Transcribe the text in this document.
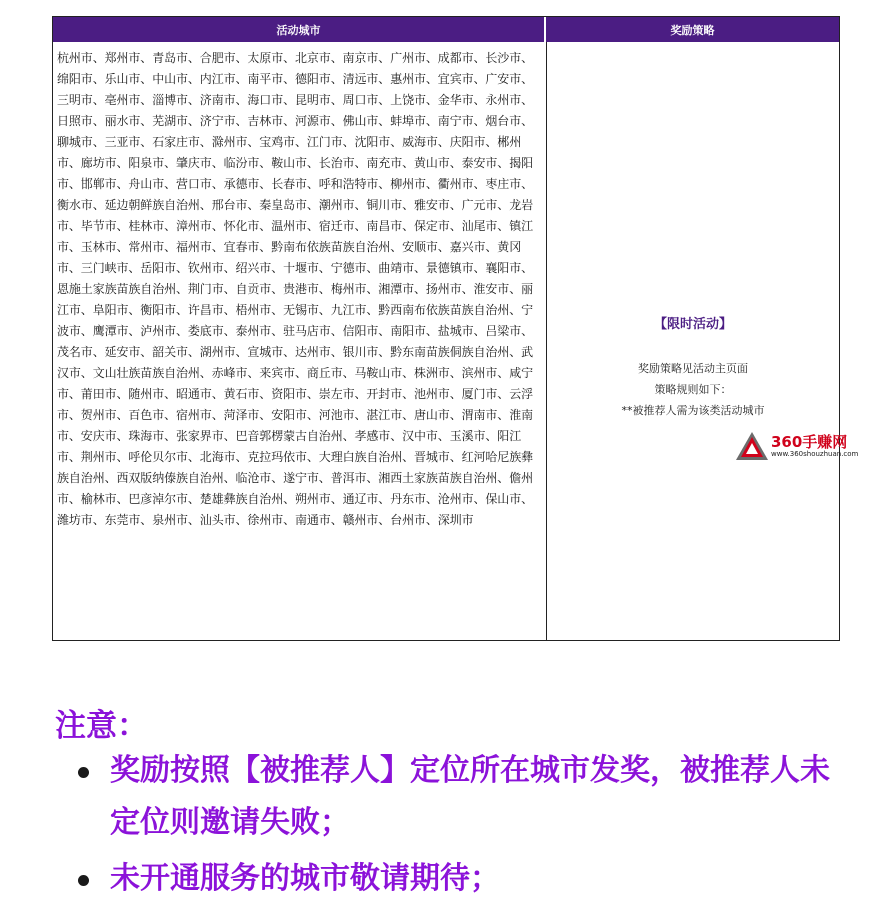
活动城市	奖励策略

杭州市、郑州市、青岛市、合肥市、太原市、北京市、南京市、广州市、成都市、长沙市、绵阳市、乐山市、中山市、内江市、南平市、德阳市、清远市、惠州市、宜宾市、广安市、三明市、亳州市、淄博市、济南市、海口市、昆明市、周口市、上饶市、金华市、永州市、日照市、丽水市、芜湖市、济宁市、吉林市、河源市、佛山市、蚌埠市、南宁市、烟台市、聊城市、三亚市、石家庄市、滁州市、宝鸡市、江门市、沈阳市、威海市、庆阳市、郴州市、廊坊市、阳泉市、肇庆市、临汾市、鞍山市、长治市、南充市、黄山市、泰安市、揭阳市、邯郸市、舟山市、营口市、承德市、长春市、呼和浩特市、柳州市、衢州市、枣庄市、衡水市、延边朝鲜族自治州、邢台市、秦皇岛市、潮州市、铜川市、雅安市、广元市、龙岩市、毕节市、桂林市、漳州市、怀化市、温州市、宿迁市、南昌市、保定市、汕尾市、镇江市、玉林市、常州市、福州市、宜春市、黔南布依族苗族自治州、安顺市、嘉兴市、黄冈市、三门峡市、岳阳市、钦州市、绍兴市、十堰市、宁德市、曲靖市、景德镇市、襄阳市、恩施土家族苗族自治州、荆门市、自贡市、贵港市、梅州市、湘潭市、扬州市、淮安市、丽江市、阜阳市、衡阳市、许昌市、梧州市、无锡市、九江市、黔西南布依族苗族自治州、宁波市、鹰潭市、泸州市、娄底市、泰州市、驻马店市、信阳市、南阳市、盐城市、吕梁市、茂名市、延安市、韶关市、湖州市、宣城市、达州市、银川市、黔东南苗族侗族自治州、武汉市、文山壮族苗族自治州、赤峰市、来宾市、商丘市、马鞍山市、株洲市、滨州市、咸宁市、莆田市、随州市、昭通市、黄石市、资阳市、崇左市、开封市、池州市、厦门市、云浮市、贺州市、百色市、宿州市、菏泽市、安阳市、河池市、湛江市、唐山市、渭南市、淮南市、安庆市、珠海市、张家界市、巴音郭楞蒙古自治州、孝感市、汉中市、玉溪市、阳江市、荆州市、呼伦贝尔市、北海市、克拉玛依市、大理白族自治州、晋城市、红河哈尼族彝族自治州、西双版纳傣族自治州、临沧市、遂宁市、普洱市、湘西土家族苗族自治州、儋州市、榆林市、巴彦淖尔市、楚雄彝族自治州、朔州市、通辽市、丹东市、沧州市、保山市、潍坊市、东莞市、泉州市、汕头市、徐州市、南通市、赣州市、台州市、深圳市

【限时活动】
奖励策略见活动主页面
策略规则如下：
**被推荐人需为该类活动城市
360手赚网
www.360shouzhuan.com
注意：
奖励按照【被推荐人】定位所在城市发奖，被推荐人未定位则邀请失败；
未开通服务的城市敬请期待；
